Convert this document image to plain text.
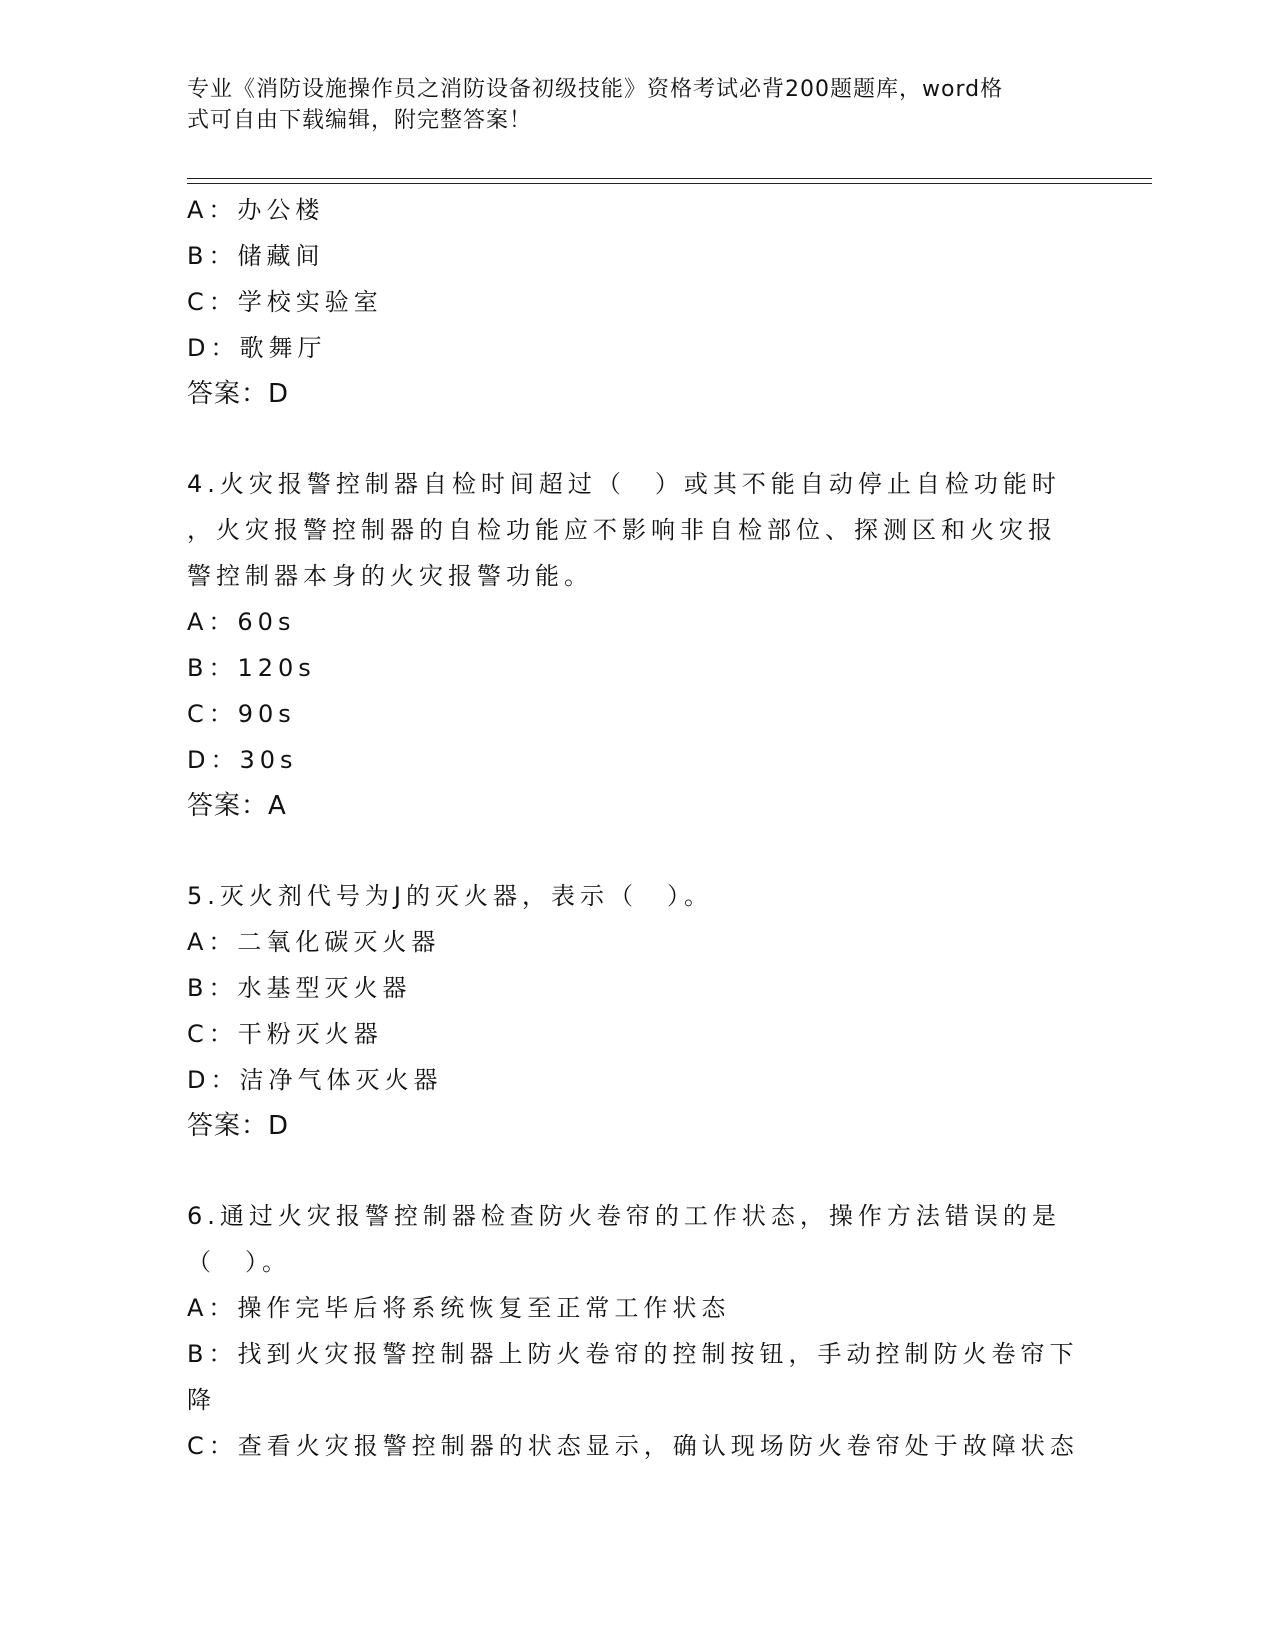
专业《消防设施操作员之消防设备初级技能》资格考试必背200题题库，word格
式可自由下载编辑，附完整答案！
A：办公楼
B：储藏间
C：学校实验室
D：歌舞厅
答案：D
4.火灾报警控制器自检时间超过（　）或其不能自动停止自检功能时
，火灾报警控制器的自检功能应不影响非自检部位、探测区和火灾报
警控制器本身的火灾报警功能。
A：60s
B：120s
C：90s
D：30s
答案：A
5.灭火剂代号为J的灭火器，表示（　）。
A：二氧化碳灭火器
B：水基型灭火器
C：干粉灭火器
D：洁净气体灭火器
答案：D
6.通过火灾报警控制器检查防火卷帘的工作状态，操作方法错误的是
（　）。
A：操作完毕后将系统恢复至正常工作状态
B：找到火灾报警控制器上防火卷帘的控制按钮，手动控制防火卷帘下
降
C：查看火灾报警控制器的状态显示，确认现场防火卷帘处于故障状态
